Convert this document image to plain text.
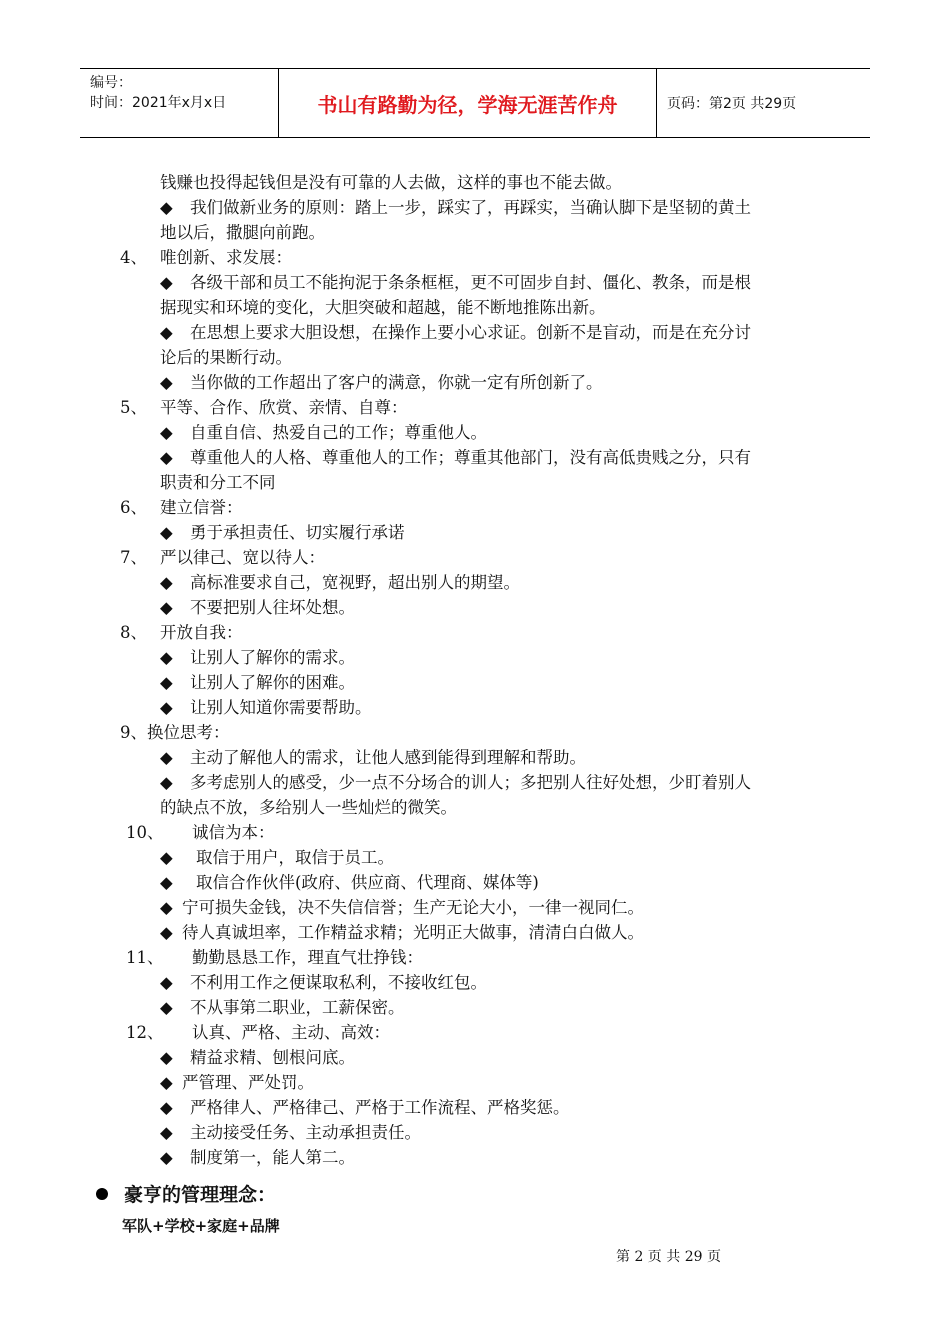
编号：
时间：2021年x月x日	书山有路勤为径，学海无涯苦作舟	页码：第2页 共29页
钱赚也投得起钱但是没有可靠的人去做，这样的事也不能去做。
◆ 我们做新业务的原则：踏上一步，踩实了，再踩实，当确认脚下是坚韧的黄土
地以后，撒腿向前跑。
4、 唯创新、求发展：
◆ 各级干部和员工不能拘泥于条条框框，更不可固步自封、僵化、教条，而是根
据现实和环境的变化，大胆突破和超越，能不断地推陈出新。
◆ 在思想上要求大胆设想，在操作上要小心求证。创新不是盲动，而是在充分讨
论后的果断行动。
◆ 当你做的工作超出了客户的满意，你就一定有所创新了。
5、 平等、合作、欣赏、亲情、自尊：
◆ 自重自信、热爱自己的工作；尊重他人。
◆ 尊重他人的人格、尊重他人的工作；尊重其他部门，没有高低贵贱之分，只有
职责和分工不同
6、 建立信誉：
◆ 勇于承担责任、切实履行承诺
7、 严以律己、宽以待人：
◆ 高标准要求自己，宽视野，超出别人的期望。
◆ 不要把别人往坏处想。
8、 开放自我：
◆ 让别人了解你的需求。
◆ 让别人了解你的困难。
◆ 让别人知道你需要帮助。
9、换位思考：
◆ 主动了解他人的需求，让他人感到能得到理解和帮助。
◆ 多考虑别人的感受，少一点不分场合的训人；多把别人往好处想，少盯着别人
的缺点不放，多给别人一些灿烂的微笑。
10、 诚信为本：
◆ 取信于用户，取信于员工。
◆ 取信合作伙伴(政府、供应商、代理商、媒体等)
◆ 宁可损失金钱，决不失信信誉；生产无论大小，一律一视同仁。
◆ 待人真诚坦率，工作精益求精；光明正大做事，清清白白做人。
11、 勤勤恳恳工作，理直气壮挣钱：
◆ 不利用工作之便谋取私利，不接收红包。
◆ 不从事第二职业，工薪保密。
12、 认真、严格、主动、高效：
◆ 精益求精、刨根问底。
◆ 严管理、严处罚。
◆ 严格律人、严格律己、严格于工作流程、严格奖惩。
◆ 主动接受任务、主动承担责任。
◆ 制度第一，能人第二。
豪亨的管理理念：
军队+学校+家庭+品牌
第 2 页 共 29 页
